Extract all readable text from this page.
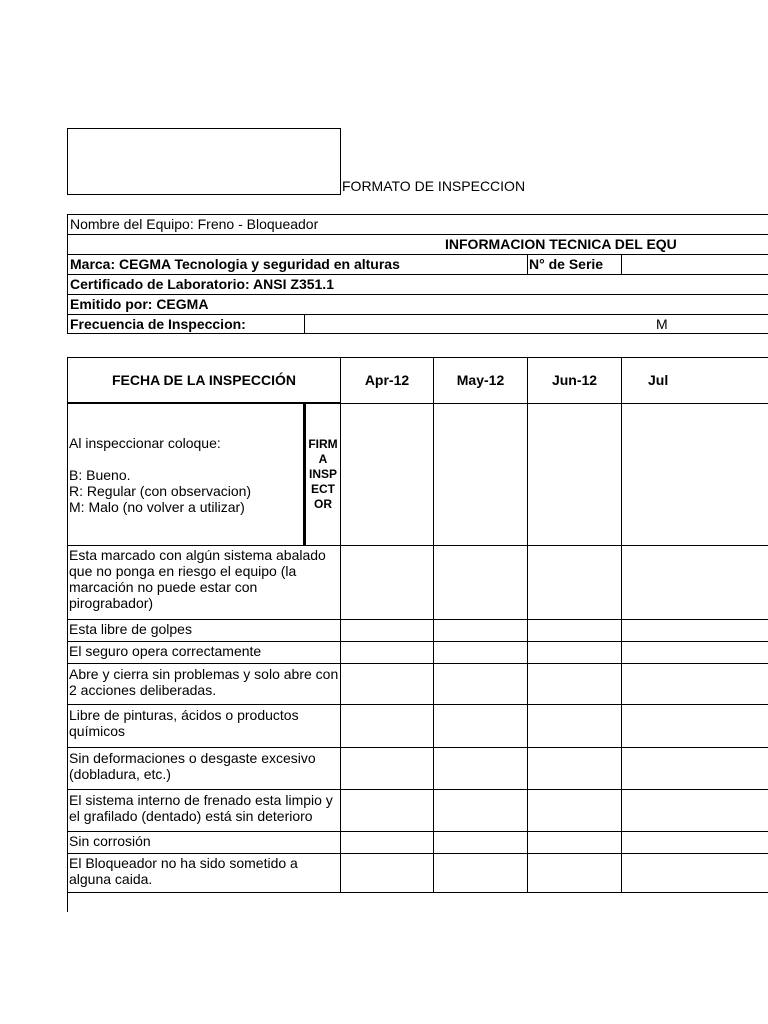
FORMATO DE INSPECCION
Nombre del Equipo: Freno - Bloqueador
INFORMACION TECNICA DEL EQU
Marca: CEGMA Tecnologia y seguridad en alturas	N° de Serie
Certificado de Laboratorio: ANSI Z351.1
Emitido por: CEGMA
Frecuencia de Inspeccion:	M
FECHA DE LA INSPECCIÓN	Apr-12	May-12	Jun-12	Jul
Al inspeccionar coloque:
B: Bueno.
R: Regular (con observacion)
M: Malo (no volver a utilizar)
FIRM
A
INSP
ECT
OR
Esta marcado con algún sistema abalado que no ponga en riesgo el equipo (la marcación no puede estar con pirograbador)
Esta libre de golpes
El seguro opera correctamente
Abre y cierra sin problemas y solo abre con 2 acciones deliberadas.
Libre de pinturas, ácidos o productos químicos
Sin deformaciones o desgaste excesivo (dobladura, etc.)
El sistema interno de frenado esta limpio y el grafilado (dentado) está sin deterioro
Sin corrosión
El Bloqueador no ha sido sometido a alguna caida.
